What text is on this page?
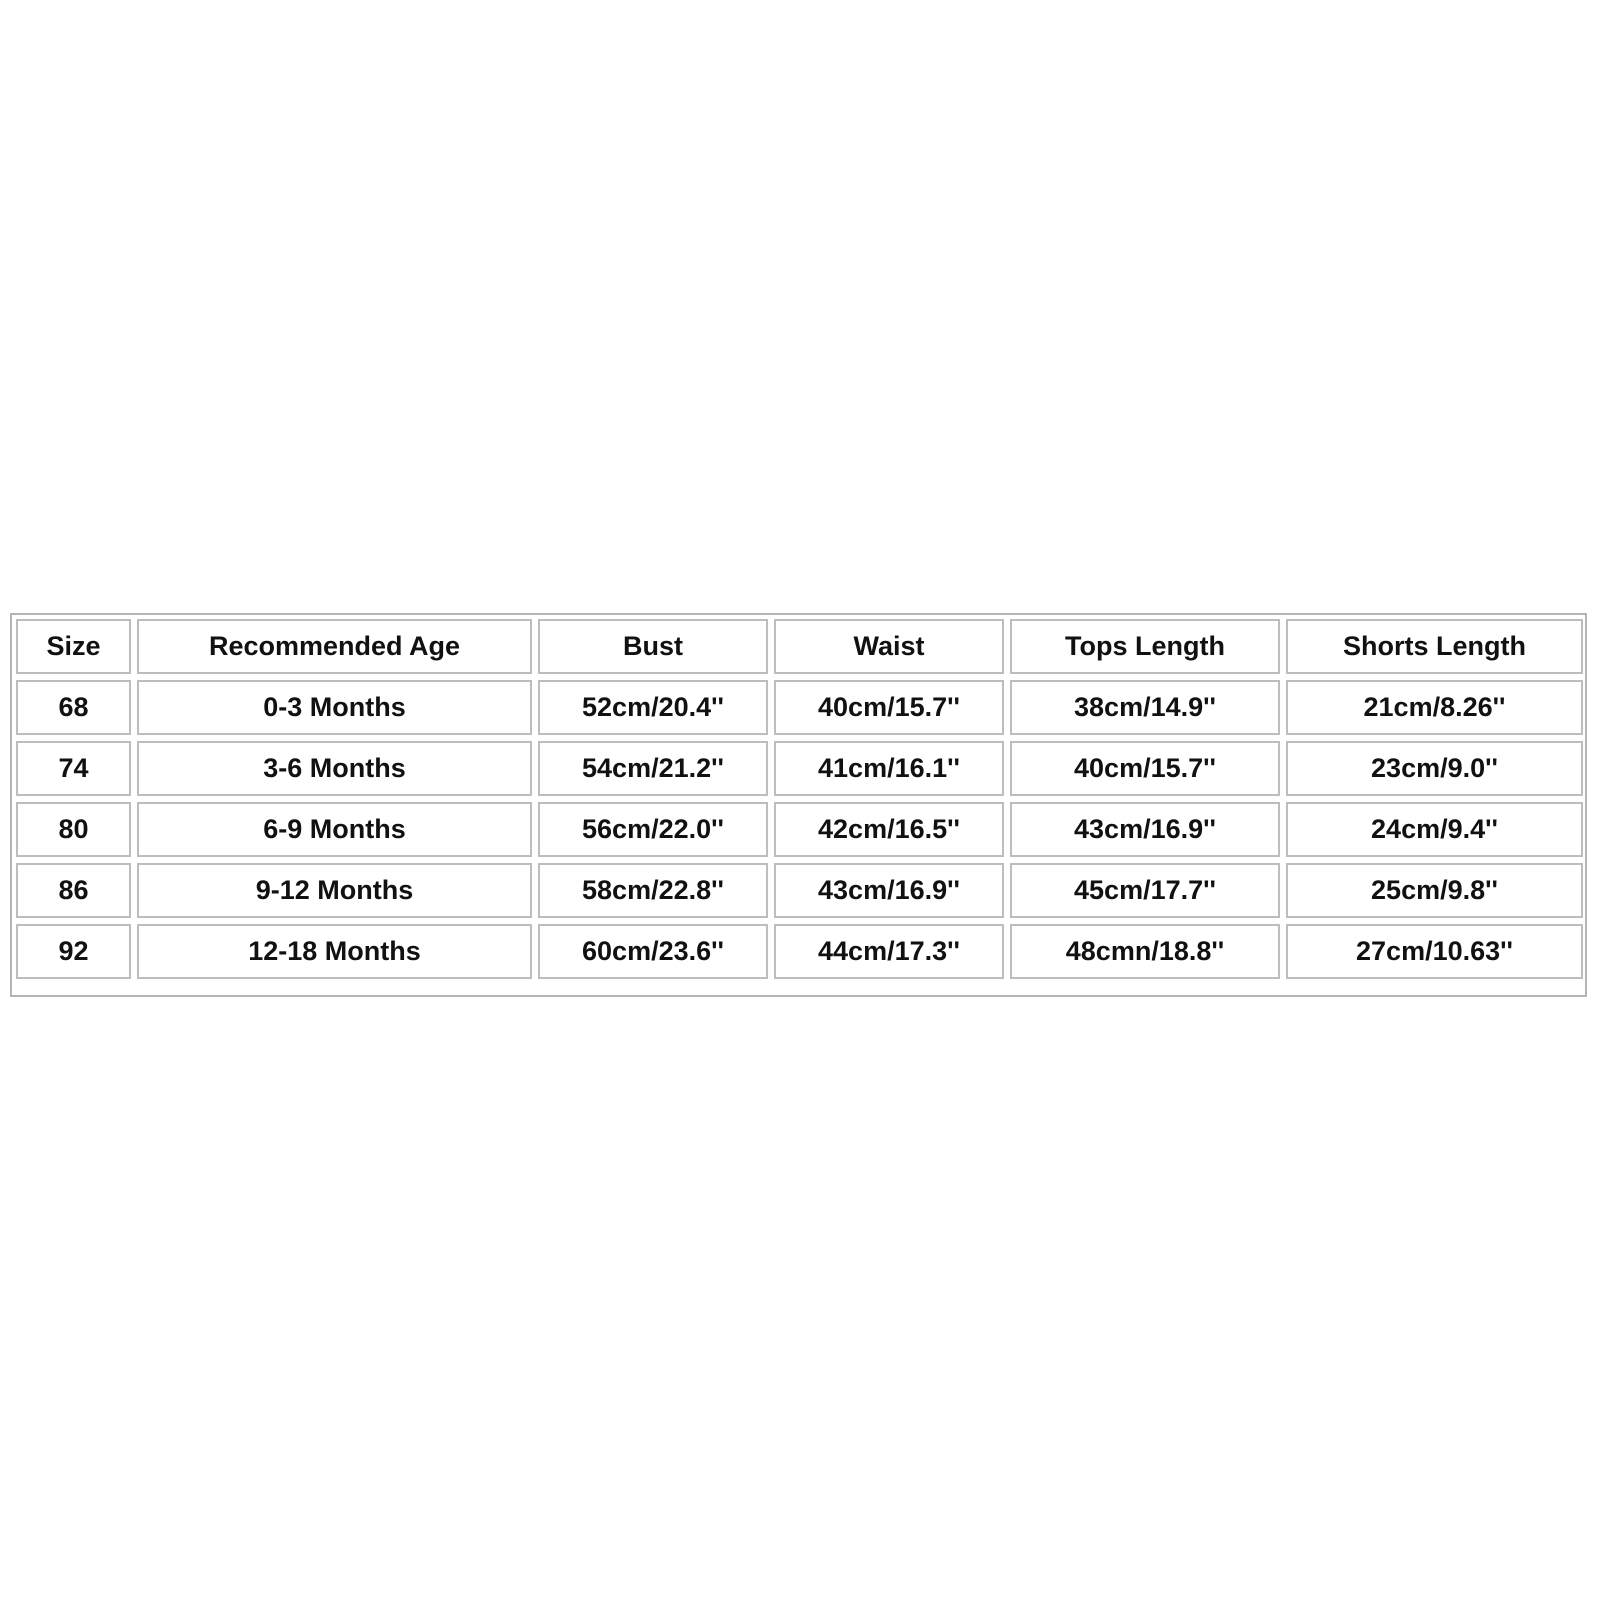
Size	Recommended Age	Bust	Waist	Tops Length	Shorts Length
68	0-3 Months	52cm/20.4''	40cm/15.7''	38cm/14.9''	21cm/8.26''
74	3-6 Months	54cm/21.2''	41cm/16.1''	40cm/15.7''	23cm/9.0''
80	6-9 Months	56cm/22.0''	42cm/16.5''	43cm/16.9''	24cm/9.4''
86	9-12 Months	58cm/22.8''	43cm/16.9''	45cm/17.7''	25cm/9.8''
92	12-18 Months	60cm/23.6''	44cm/17.3''	48cmn/18.8''	27cm/10.63''
